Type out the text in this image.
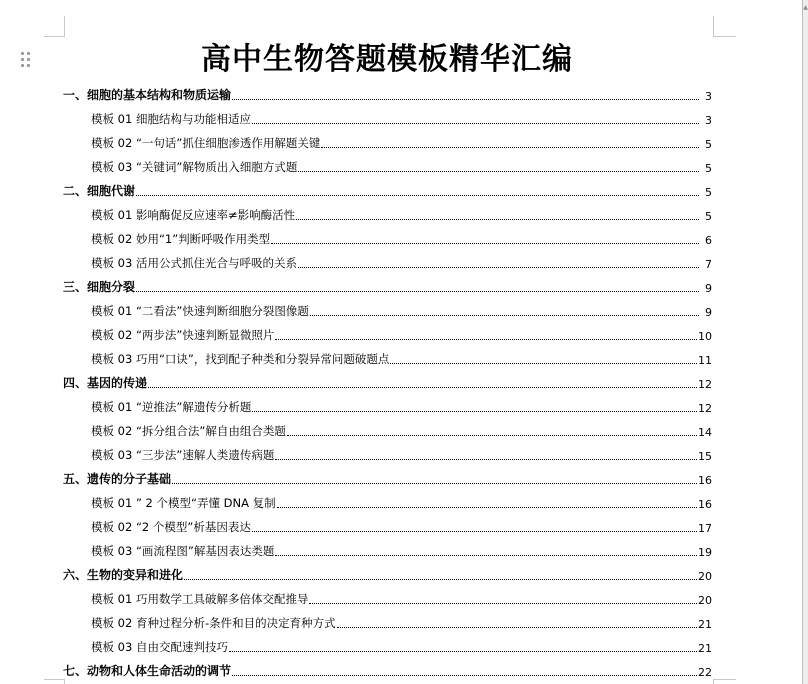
▲
高中生物答题模板精华汇编
一、细胞的基本结构和物质运输	3
模板 01 细胞结构与功能相适应	3
模板 02 “一句话”抓住细胞渗透作用解题关键	5
模板 03 “关键词”解物质出入细胞方式题	5
二、细胞代谢	5
模板 01 影响酶促反应速率≠影响酶活性	5
模板 02 妙用“1”判断呼吸作用类型	6
模板 03 活用公式抓住光合与呼吸的关系	7
三、细胞分裂	9
模板 01 “二看法”快速判断细胞分裂图像题	9
模板 02 “两步法”快速判断显微照片	10
模板 03 巧用“口诀”，找到配子种类和分裂异常问题破题点	11
四、基因的传递	12
模板 01 “逆推法”解遗传分析题	12
模板 02 “拆分组合法”解自由组合类题	14
模板 03 “三步法”速解人类遗传病题	15
五、遗传的分子基础	16
模板 01 ” 2 个模型“弄懂 DNA 复制	16
模板 02 “2 个模型”析基因表达	17
模板 03 “画流程图”解基因表达类题	19
六、生物的变异和进化	20
模板 01 巧用数学工具破解多倍体交配推导	20
模板 02 育种过程分析-条件和目的决定育种方式	21
模板 03 自由交配速判技巧	21
七、动物和人体生命活动的调节	22
